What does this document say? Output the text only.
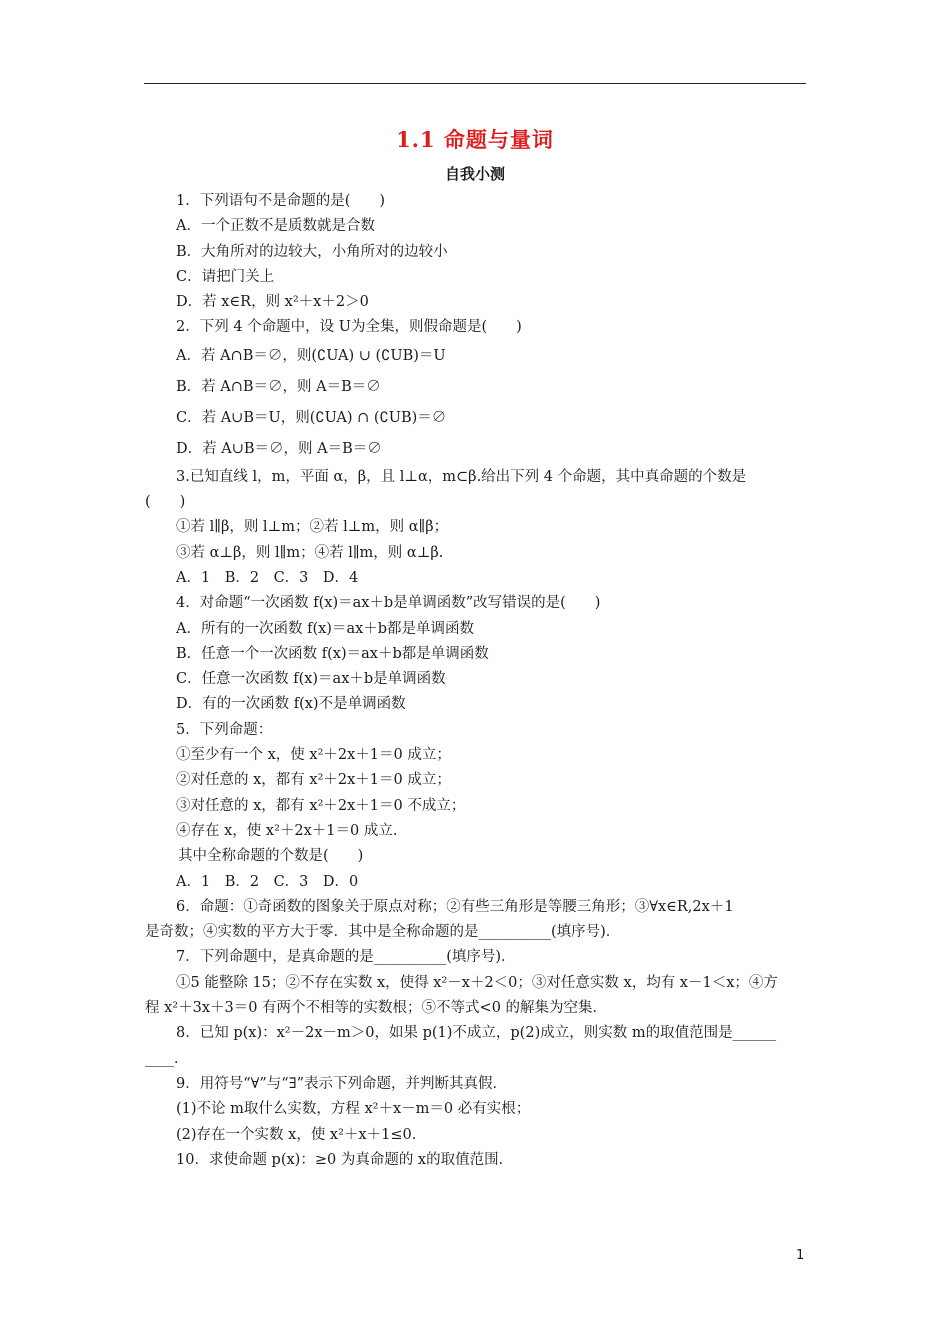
1.1 命题与量词
自我小测
1．下列语句不是命题的是(　　)
A．一个正数不是质数就是合数
B．大角所对的边较大，小角所对的边较小
C．请把门关上
D．若 x∈R，则 x²＋x＋2＞0
2．下列 4 个命题中，设 U为全集，则假命题是(　　)
A．若 A∩B＝∅，则(∁UA) ∪ (∁UB)＝U
B．若 A∩B＝∅，则 A＝B＝∅
C．若 A∪B＝U，则(∁UA) ∩ (∁UB)＝∅
D．若 A∪B＝∅，则 A＝B＝∅
3.已知直线 l，m，平面 α，β，且 l⊥α，m⊂β.给出下列 4 个命题，其中真命题的个数是
(　　)
①若 l∥β，则 l⊥m；②若 l⊥m，则 α∥β；
③若 α⊥β，则 l∥m；④若 l∥m，则 α⊥β.
A．1　B．2　C．3　D．4
4．对命题“一次函数 f(x)＝ax＋b是单调函数”改写错误的是(　　)
A．所有的一次函数 f(x)＝ax＋b都是单调函数
B．任意一个一次函数 f(x)＝ax＋b都是单调函数
C．任意一次函数 f(x)＝ax＋b是单调函数
D．有的一次函数 f(x)不是单调函数
5．下列命题：
①至少有一个 x，使 x²＋2x＋1＝0 成立；
②对任意的 x，都有 x²＋2x＋1＝0 成立；
③对任意的 x，都有 x²＋2x＋1＝0 不成立；
④存在 x，使 x²＋2x＋1＝0 成立.
其中全称命题的个数是(　　)
A．1　B．2　C．3　D．0
6．命题：①奇函数的图象关于原点对称；②有些三角形是等腰三角形；③∀x∈R,2x＋1
是奇数；④实数的平方大于零．其中是全称命题的是__________(填序号)．
7．下列命题中，是真命题的是__________(填序号)．
①5 能整除 15；②不存在实数 x，使得 x²－x＋2＜0；③对任意实数 x，均有 x－1＜x；④方
程 x²＋3x＋3＝0 有两个不相等的实数根；⑤不等式<0 的解集为空集．
8．已知 p(x)：x²－2x－m＞0，如果 p(1)不成立，p(2)成立，则实数 m的取值范围是______
____．
9．用符号“∀”与“∃”表示下列命题，并判断其真假．
(1)不论 m取什么实数，方程 x²＋x－m＝0 必有实根；
(2)存在一个实数 x，使 x²＋x＋1≤0.
10．求使命题 p(x)：≥0 为真命题的 x的取值范围．
1
